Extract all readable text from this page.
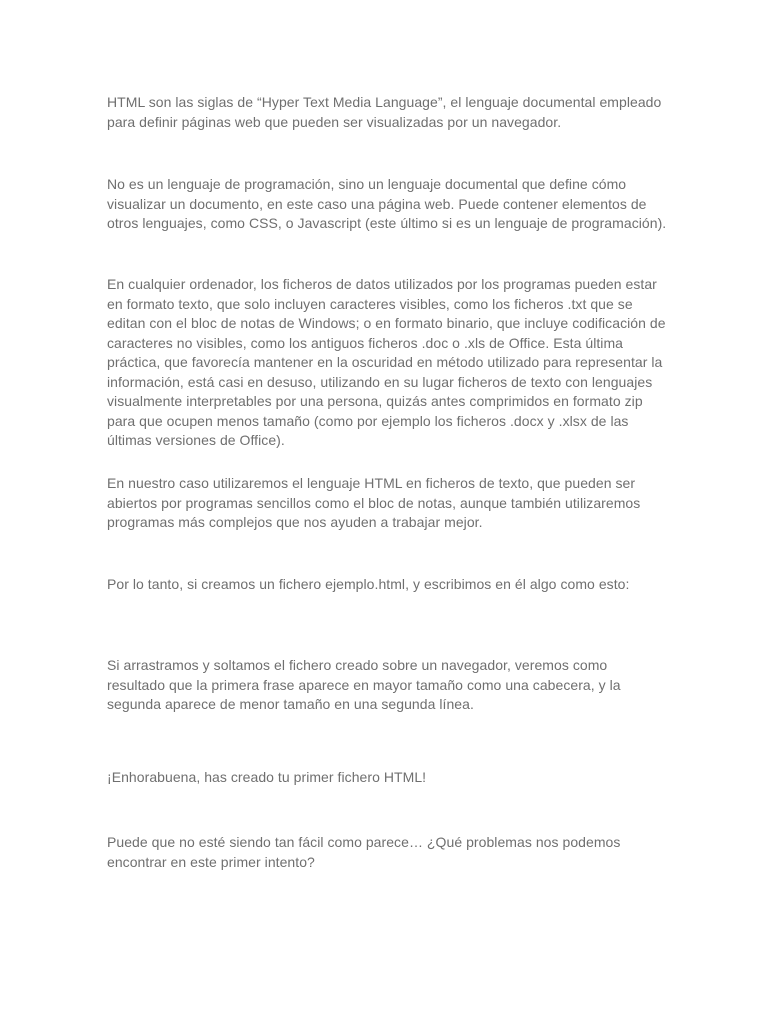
HTML son las siglas de “Hyper Text Media Language”, el lenguaje documental empleado para definir páginas web que pueden ser visualizadas por un navegador.

No es un lenguaje de programación, sino un lenguaje documental que define cómo visualizar un documento, en este caso una página web. Puede contener elementos de otros lenguajes, como CSS, o Javascript (este último si es un lenguaje de programación).

En cualquier ordenador, los ficheros de datos utilizados por los programas pueden estar en formato texto, que solo incluyen caracteres visibles, como los ficheros .txt que se editan con el bloc de notas de Windows; o en formato binario, que incluye codificación de caracteres no visibles, como los antiguos ficheros .doc o .xls de Office. Esta última práctica, que favorecía mantener en la oscuridad en método utilizado para representar la información, está casi en desuso, utilizando en su lugar ficheros de texto con lenguajes visualmente interpretables por una persona, quizás antes comprimidos en formato zip para que ocupen menos tamaño (como por ejemplo los ficheros .docx y .xlsx de las últimas versiones de Office).

En nuestro caso utilizaremos el lenguaje HTML en ficheros de texto, que pueden ser abiertos por programas sencillos como el bloc de notas, aunque también utilizaremos programas más complejos que nos ayuden a trabajar mejor.

Por lo tanto, si creamos un fichero ejemplo.html, y escribimos en él algo como esto:

Si arrastramos y soltamos el fichero creado sobre un navegador, veremos como resultado que la primera frase aparece en mayor tamaño como una cabecera, y la segunda aparece de menor tamaño en una segunda línea.

¡Enhorabuena, has creado tu primer fichero HTML!

Puede que no esté siendo tan fácil como parece… ¿Qué problemas nos podemos encontrar en este primer intento?
